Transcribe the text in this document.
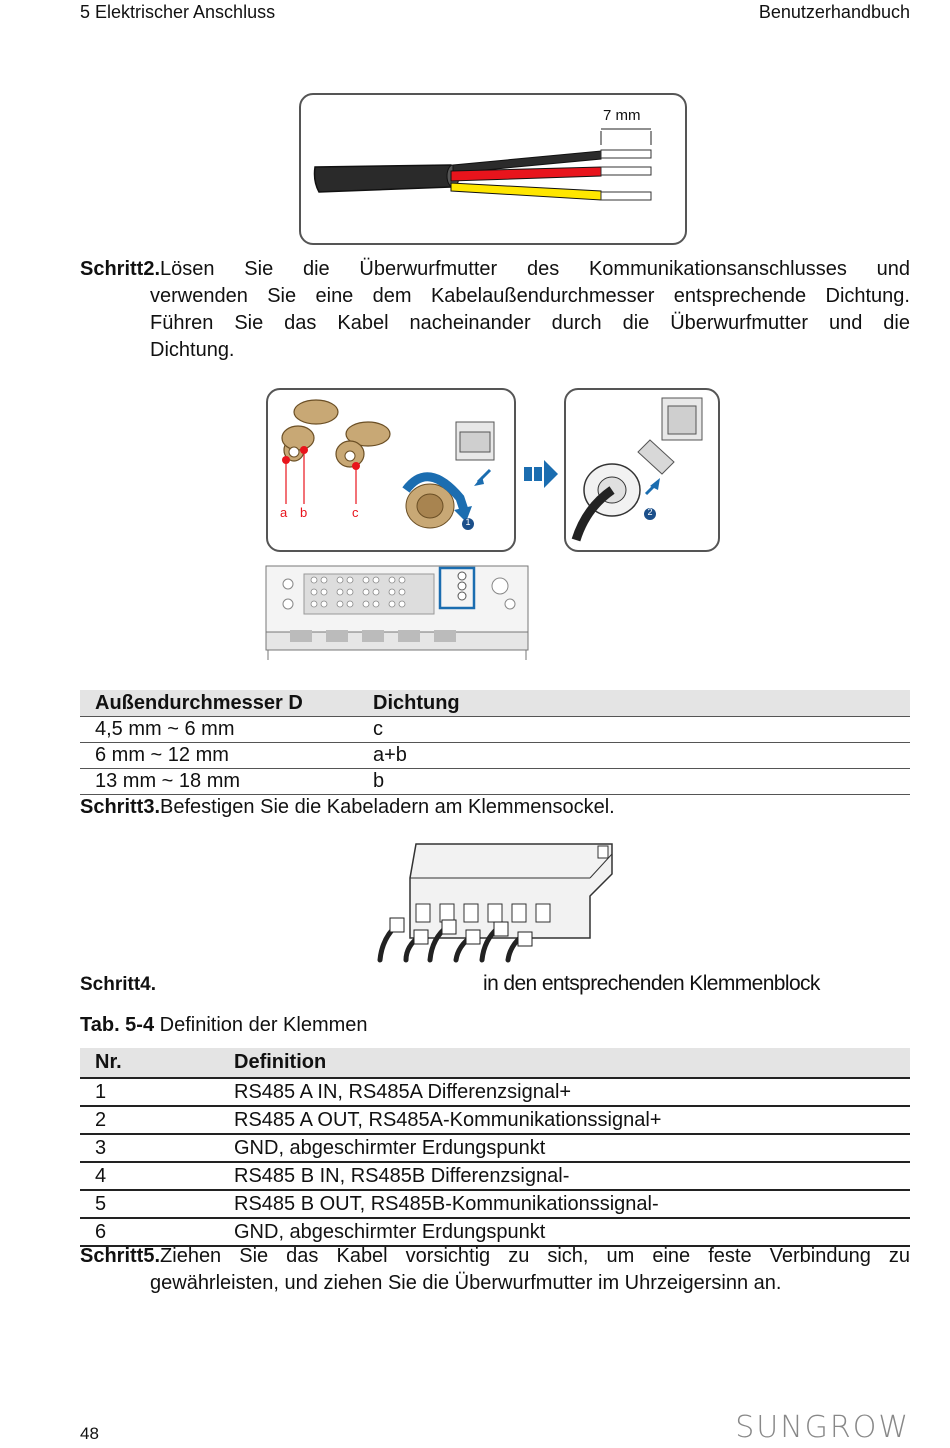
5 Elektrischer Anschluss	Benutzerhandbuch
7 mm
Schritt2.Lösen Sie die Überwurfmutter des Kommunikationsanschlusses und
verwenden Sie eine dem Kabelaußendurchmesser entsprechende Dichtung.
Führen Sie das Kabel nacheinander durch die Überwurfmutter und die
Dichtung.
a b	c
1
2
Außendurchmesser D	Dichtung
4,5 mm ~ 6 mm	c
6 mm ~ 12 mm	a+b
13 mm ~ 18 mm	b
Schritt3.Befestigen Sie die Kabeladern am Klemmensockel.
Schritt4.	in den entsprechenden Klemmenblock
Tab. 5-4 Definition der Klemmen
Nr.	Definition
1	RS485 A IN, RS485A Differenzsignal+
2	RS485 A OUT, RS485A-Kommunikationssignal+
3	GND, abgeschirmter Erdungspunkt
4	RS485 B IN, RS485B Differenzsignal-
5	RS485 B OUT, RS485B-Kommunikationssignal-
6	GND, abgeschirmter Erdungspunkt
Schritt5.Ziehen Sie das Kabel vorsichtig zu sich, um eine feste Verbindung zu
gewährleisten, und ziehen Sie die Überwurfmutter im Uhrzeigersinn an.
48	SUNGROW
